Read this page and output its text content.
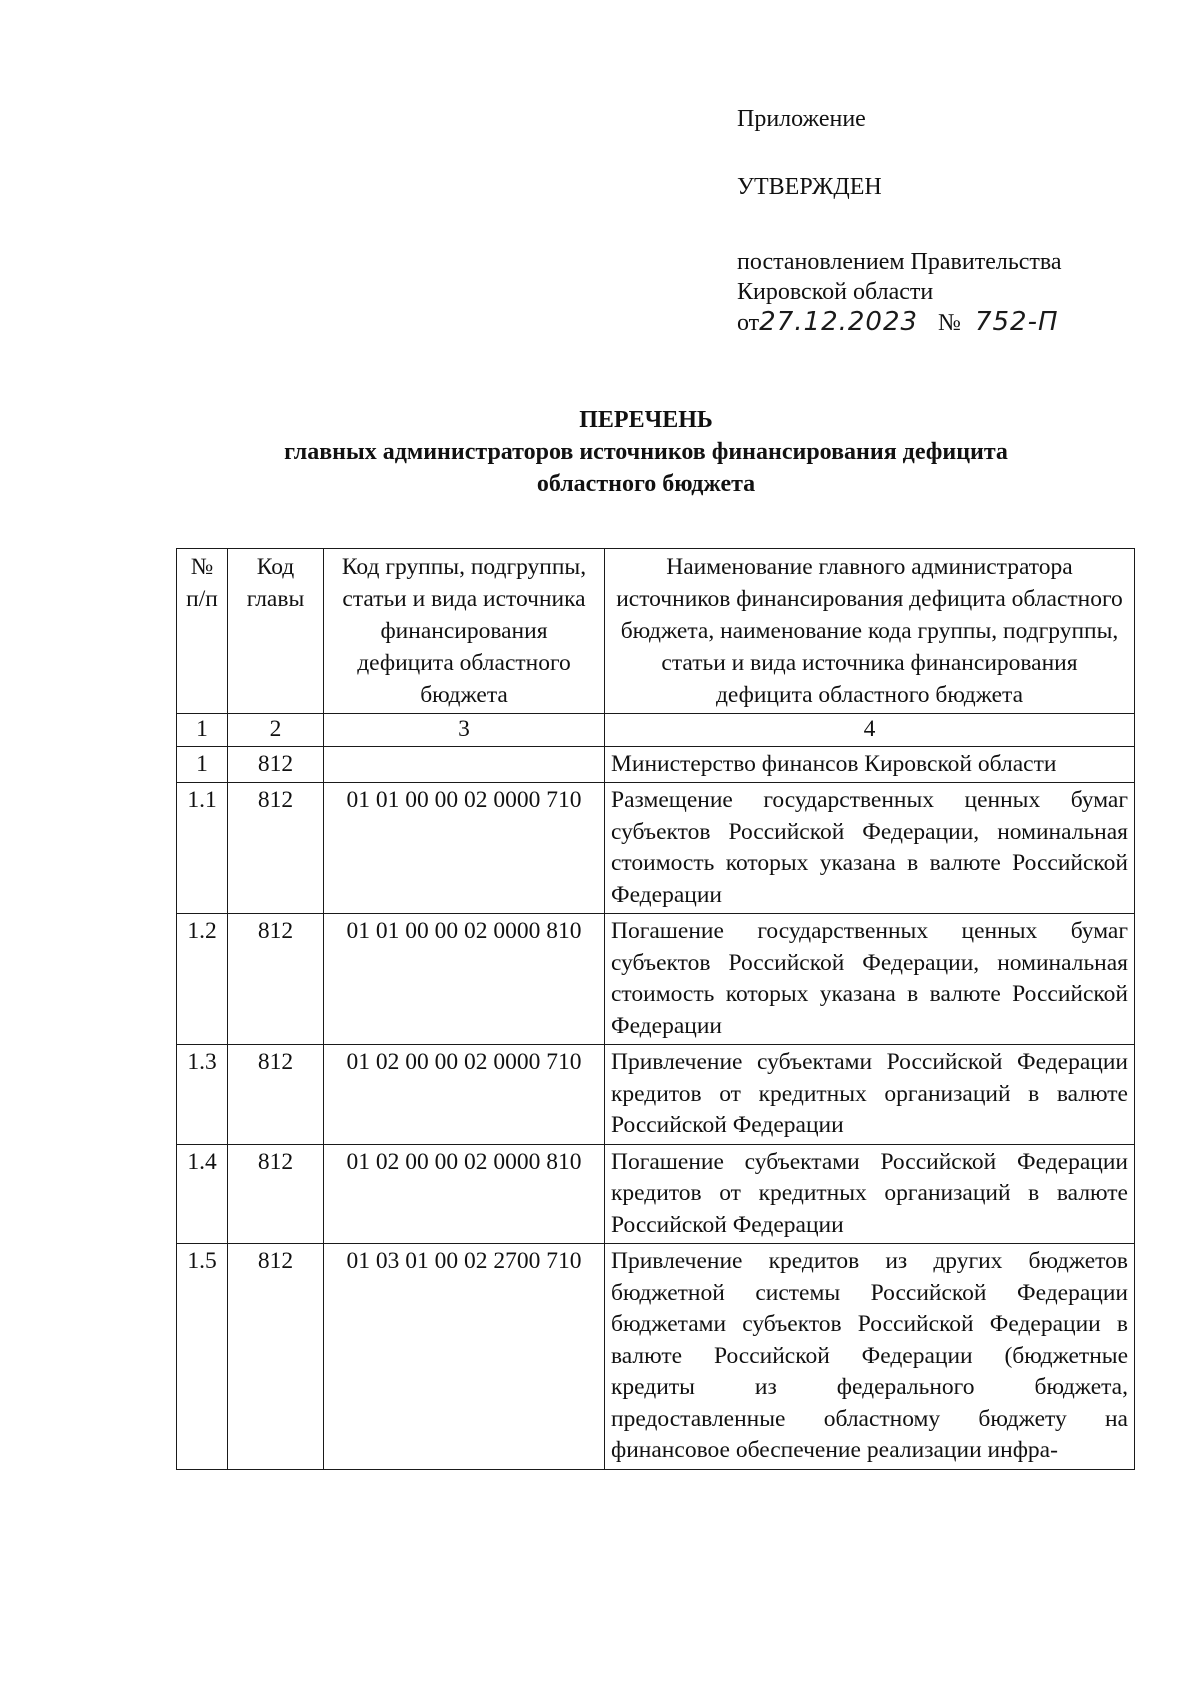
Приложение
УТВЕРЖДЕН
постановлением Правительства
Кировской области
от27.12.2023 № 752-П
ПЕРЕЧЕНЬ
главных администраторов источников финансирования дефицита
областного бюджета
№ п/п	Код главы	Код группы, подгруппы, статьи и вида источника финансирования дефицита областного бюджета	Наименование главного администратора источников финансирования дефицита областного бюджета, наименование кода группы, подгруппы, статьи и вида источника финансирования дефицита областного бюджета
1	2	3	4
1	812		Министерство финансов Кировской области
1.1	812	01 01 00 00 02 0000 710	Размещение государственных ценных бумаг субъектов Российской Федерации, номинальная стоимость которых указана в валюте Российской Федерации
1.2	812	01 01 00 00 02 0000 810	Погашение государственных ценных бумаг субъектов Российской Федерации, номинальная стоимость которых указана в валюте Российской Федерации
1.3	812	01 02 00 00 02 0000 710	Привлечение субъектами Российской Федерации кредитов от кредитных организаций в валюте Российской Федерации
1.4	812	01 02 00 00 02 0000 810	Погашение субъектами Российской Федерации кредитов от кредитных организаций в валюте Российской Федерации
1.5	812	01 03 01 00 02 2700 710	Привлечение кредитов из других бюджетов бюджетной системы Российской Федерации бюджетами субъектов Российской Федерации в валюте Российской Федерации (бюджетные кредиты из федерального бюджета, предоставленные областному бюджету на финансовое обеспечение реализации инфра-
